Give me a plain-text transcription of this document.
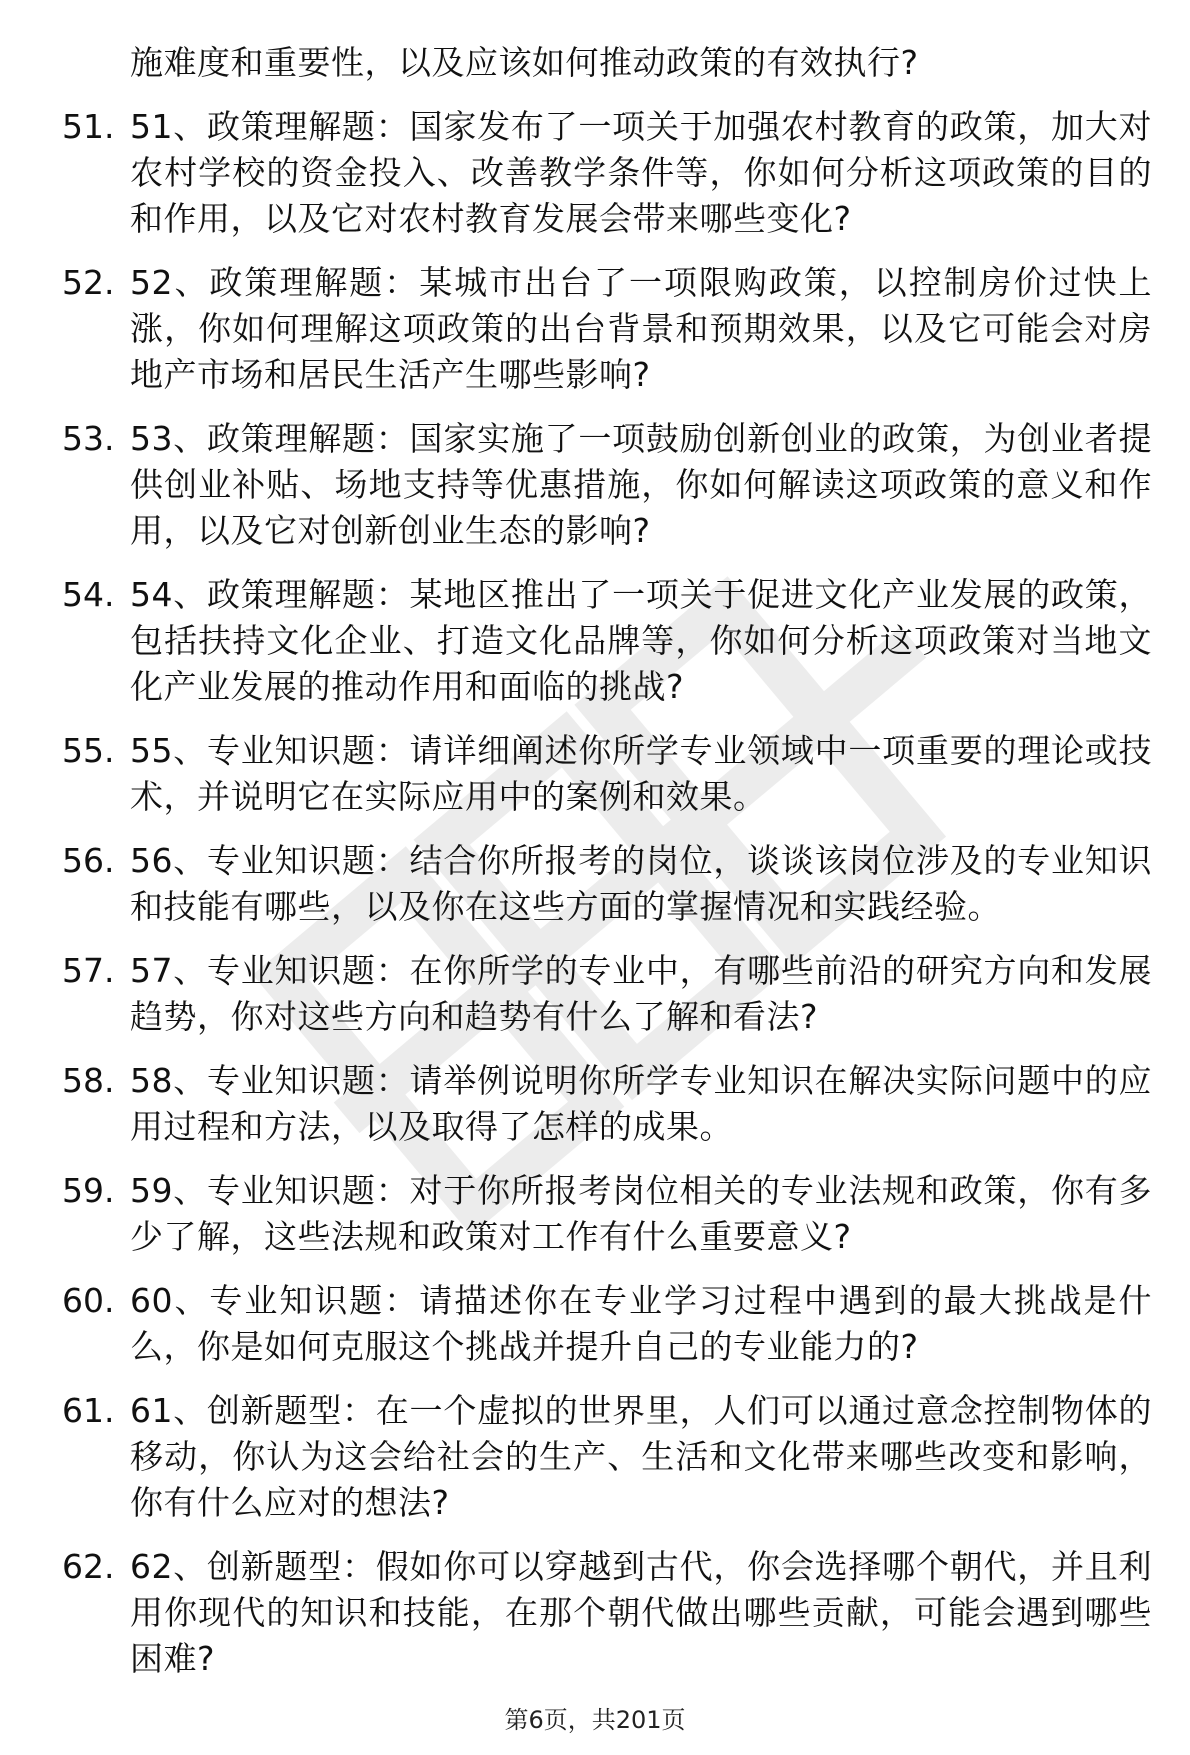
施难度和重要性，以及应该如何推动政策的有效执行?
51. 51、政策理解题：国家发布了一项关于加强农村教育的政策，加大对农村学校的资金投入、改善教学条件等，你如何分析这项政策的目的和作用，以及它对农村教育发展会带来哪些变化?
52. 52、政策理解题：某城市出台了一项限购政策，以控制房价过快上涨，你如何理解这项政策的出台背景和预期效果，以及它可能会对房地产市场和居民生活产生哪些影响?
53. 53、政策理解题：国家实施了一项鼓励创新创业的政策，为创业者提供创业补贴、场地支持等优惠措施，你如何解读这项政策的意义和作用，以及它对创新创业生态的影响?
54. 54、政策理解题：某地区推出了一项关于促进文化产业发展的政策，包括扶持文化企业、打造文化品牌等，你如何分析这项政策对当地文化产业发展的推动作用和面临的挑战?
55. 55、专业知识题：请详细阐述你所学专业领域中一项重要的理论或技术，并说明它在实际应用中的案例和效果。
56. 56、专业知识题：结合你所报考的岗位，谈谈该岗位涉及的专业知识和技能有哪些，以及你在这些方面的掌握情况和实践经验。
57. 57、专业知识题：在你所学的专业中，有哪些前沿的研究方向和发展趋势，你对这些方向和趋势有什么了解和看法?
58. 58、专业知识题：请举例说明你所学专业知识在解决实际问题中的应用过程和方法，以及取得了怎样的成果。
59. 59、专业知识题：对于你所报考岗位相关的专业法规和政策，你有多少了解，这些法规和政策对工作有什么重要意义?
60. 60、专业知识题：请描述你在专业学习过程中遇到的最大挑战是什么，你是如何克服这个挑战并提升自己的专业能力的?
61. 61、创新题型：在一个虚拟的世界里，人们可以通过意念控制物体的移动，你认为这会给社会的生产、生活和文化带来哪些改变和影响，你有什么应对的想法?
62. 62、创新题型：假如你可以穿越到古代，你会选择哪个朝代，并且利用你现代的知识和技能，在那个朝代做出哪些贡献，可能会遇到哪些困难?
第6页，共201页
